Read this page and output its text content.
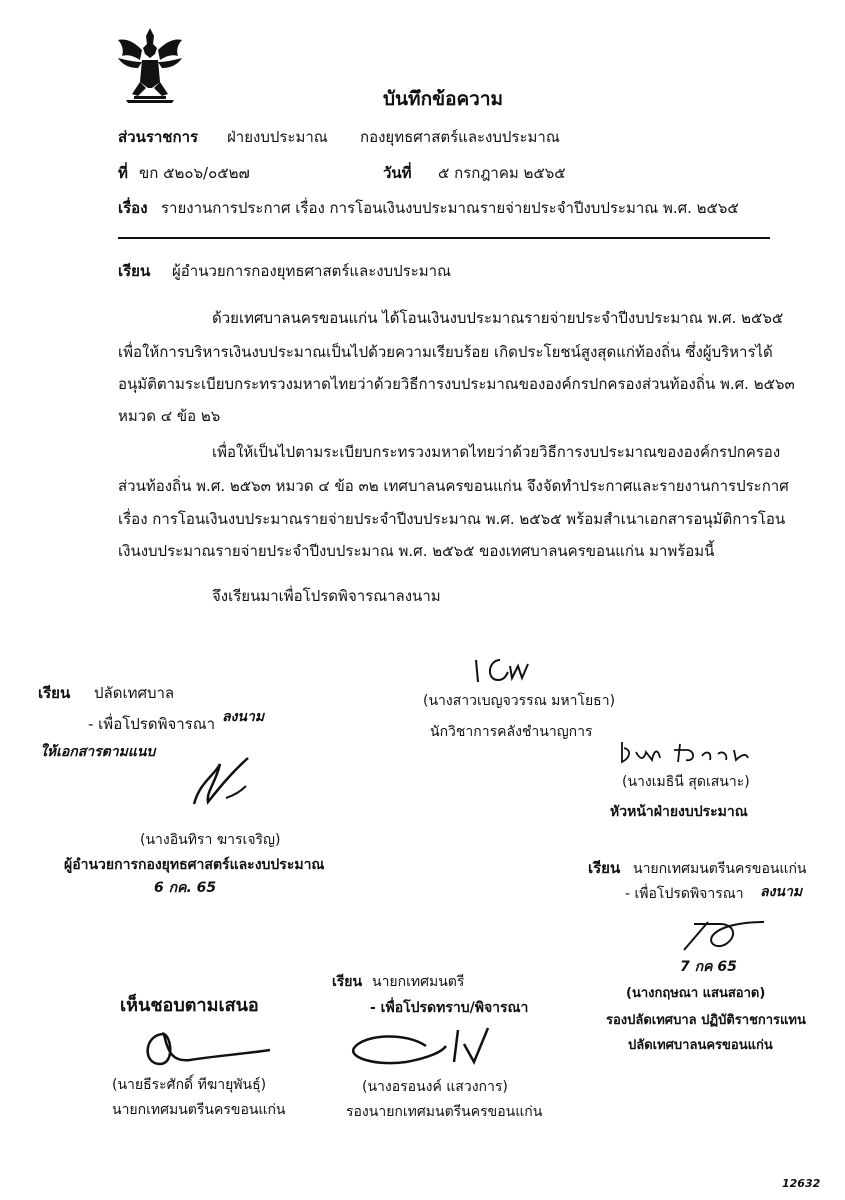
บันทึกข้อความ
ส่วนราชการ ฝ่ายงบประมาณ กองยุทธศาสตร์และงบประมาณ
ที่ ขก ๕๒๐๖/๐๕๒๗	วันที่ ๕ กรกฎาคม ๒๕๖๕
เรื่อง รายงานการประกาศ เรื่อง การโอนเงินงบประมาณรายจ่ายประจำปีงบประมาณ พ.ศ. ๒๕๖๕
เรียน ผู้อำนวยการกองยุทธศาสตร์และงบประมาณ
ด้วยเทศบาลนครขอนแก่น ได้โอนเงินงบประมาณรายจ่ายประจำปีงบประมาณ พ.ศ. ๒๕๖๕
เพื่อให้การบริหารเงินงบประมาณเป็นไปด้วยความเรียบร้อย เกิดประโยชน์สูงสุดแก่ท้องถิ่น ซึ่งผู้บริหารได้
อนุมัติตามระเบียบกระทรวงมหาดไทยว่าด้วยวิธีการงบประมาณขององค์กรปกครองส่วนท้องถิ่น พ.ศ. ๒๕๖๓
หมวด ๔ ข้อ ๒๖
เพื่อให้เป็นไปตามระเบียบกระทรวงมหาดไทยว่าด้วยวิธีการงบประมาณขององค์กรปกครอง
ส่วนท้องถิ่น พ.ศ. ๒๕๖๓ หมวด ๔ ข้อ ๓๒ เทศบาลนครขอนแก่น จึงจัดทำประกาศและรายงานการประกาศ
เรื่อง การโอนเงินงบประมาณรายจ่ายประจำปีงบประมาณ พ.ศ. ๒๕๖๕ พร้อมสำเนาเอกสารอนุมัติการโอน
เงินงบประมาณรายจ่ายประจำปีงบประมาณ พ.ศ. ๒๕๖๕ ของเทศบาลนครขอนแก่น มาพร้อมนี้
จึงเรียนมาเพื่อโปรดพิจารณาลงนาม
(นางสาวเบญจวรรณ มหาโยธา)
นักวิชาการคลังชำนาญการ
เรียน ปลัดเทศบาล
- เพื่อโปรดพิจารณา ลงนาม
ให้เอกสารตามแนบ
(นางอินทิรา ฆารเจริญ)
ผู้อำนวยการกองยุทธศาสตร์และงบประมาณ
6 กค. 65
(นางเมธินี สุดเสนาะ)
หัวหน้าฝ่ายงบประมาณ
เรียน นายกเทศมนตรีนครขอนแก่น
- เพื่อโปรดพิจารณา ลงนาม
7 กค 65
(นางกฤษณา แสนสอาด)
รองปลัดเทศบาล ปฏิบัติราชการแทน
ปลัดเทศบาลนครขอนแก่น
เรียน นายกเทศมนตรี
- เพื่อโปรดทราบ/พิจารณา
(นางอรอนงค์ แสวงการ)
รองนายกเทศมนตรีนครขอนแก่น
เห็นชอบตามเสนอ
(นายธีระศักดิ์ ทีฆายุพันธุ์)
นายกเทศมนตรีนครขอนแก่น
12632
